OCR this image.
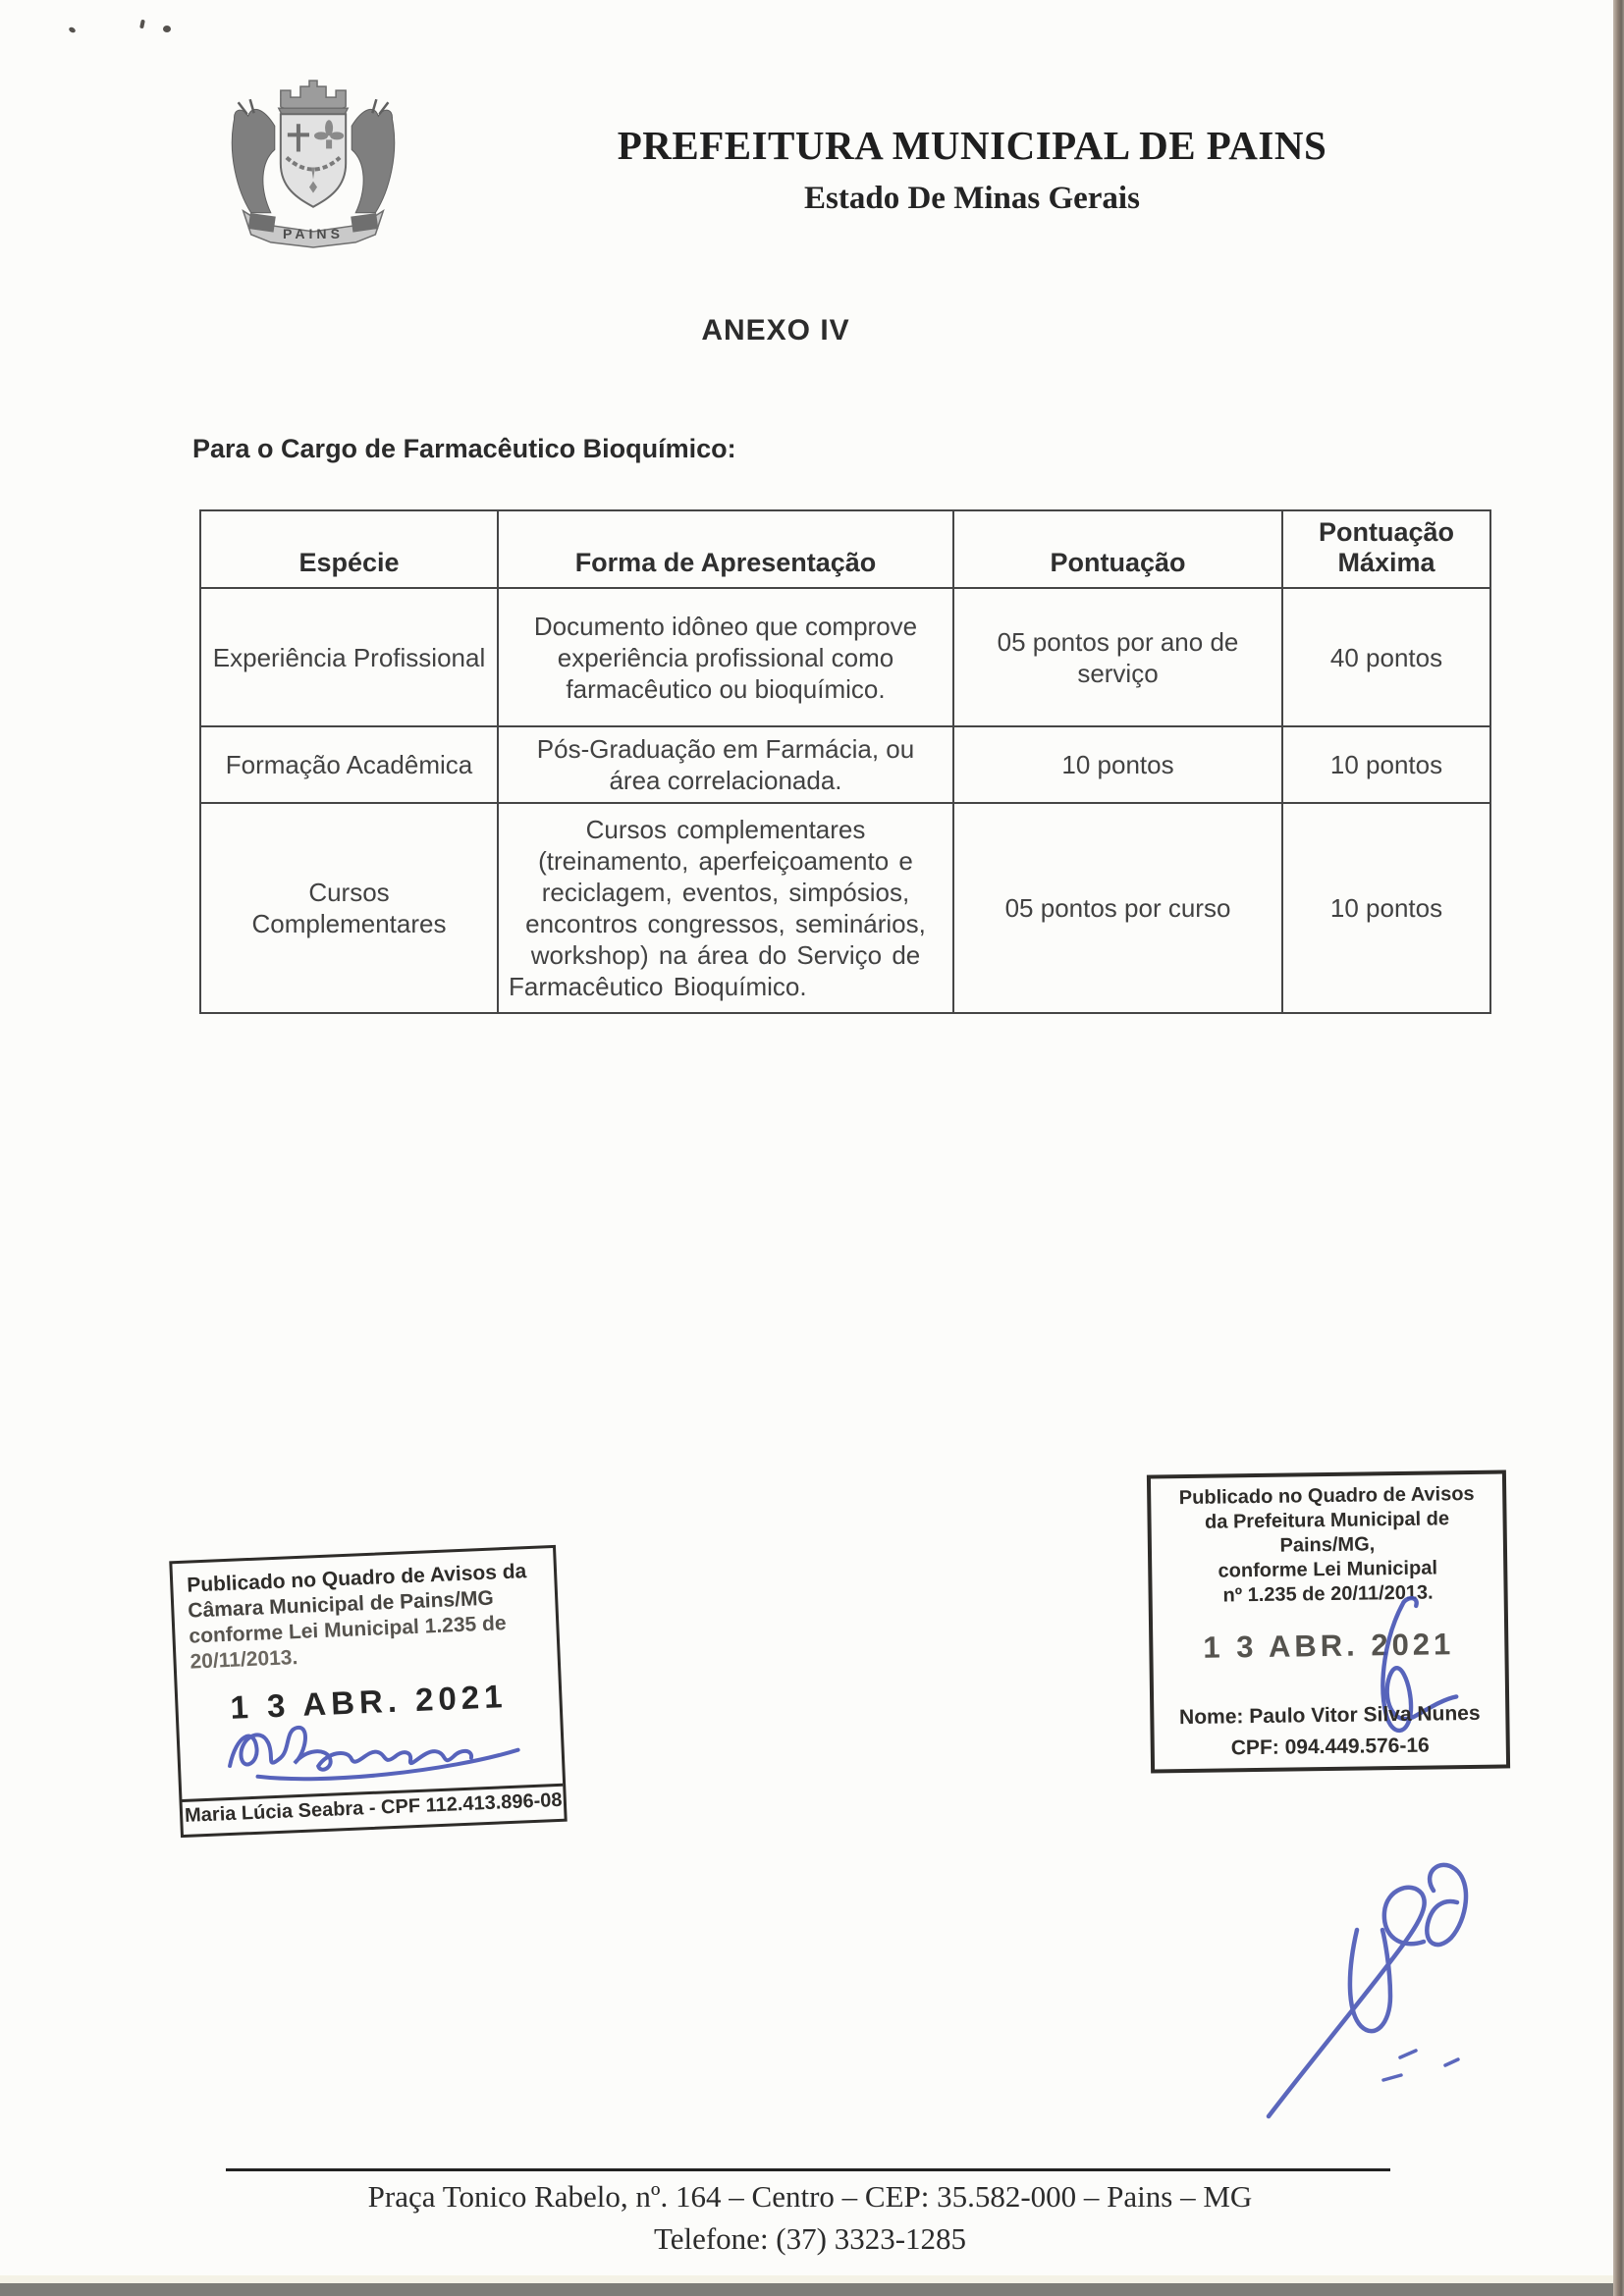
PAINS
PREFEITURA MUNICIPAL DE PAINS
Estado De Minas Gerais
ANEXO IV
Para o Cargo de Farmacêutico Bioquímico:
Espécie	Forma de Apresentação	Pontuação	Pontuação Máxima
Experiência Profissional	Documento idôneo que comprove experiência profissional como farmacêutico ou bioquímico.	05 pontos por ano de serviço	40 pontos
Formação Acadêmica	Pós-Graduação em Farmácia, ou área correlacionada.	10 pontos	10 pontos
Cursos Complementares	Cursos complementares (treinamento, aperfeiçoamento e reciclagem, eventos, simpósios, encontros congressos, seminários, workshop) na área do Serviço de Farmacêutico Bioquímico.	05 pontos por curso	10 pontos
Publicado no Quadro de Avisos da
Câmara Municipal de Pains/MG
conforme Lei Municipal 1.235 de
20/11/2013.
1 3 ABR. 2021
Maria Lúcia Seabra - CPF 112.413.896-08
Publicado no Quadro de Avisos
da Prefeitura Municipal de Pains/MG,
conforme Lei Municipal
nº 1.235 de 20/11/2013.
1 3 ABR. 2021
Nome: Paulo Vitor Silva Nunes
CPF: 094.449.576-16
Praça Tonico Rabelo, nº. 164 – Centro – CEP: 35.582-000 – Pains – MG
Telefone: (37) 3323-1285
